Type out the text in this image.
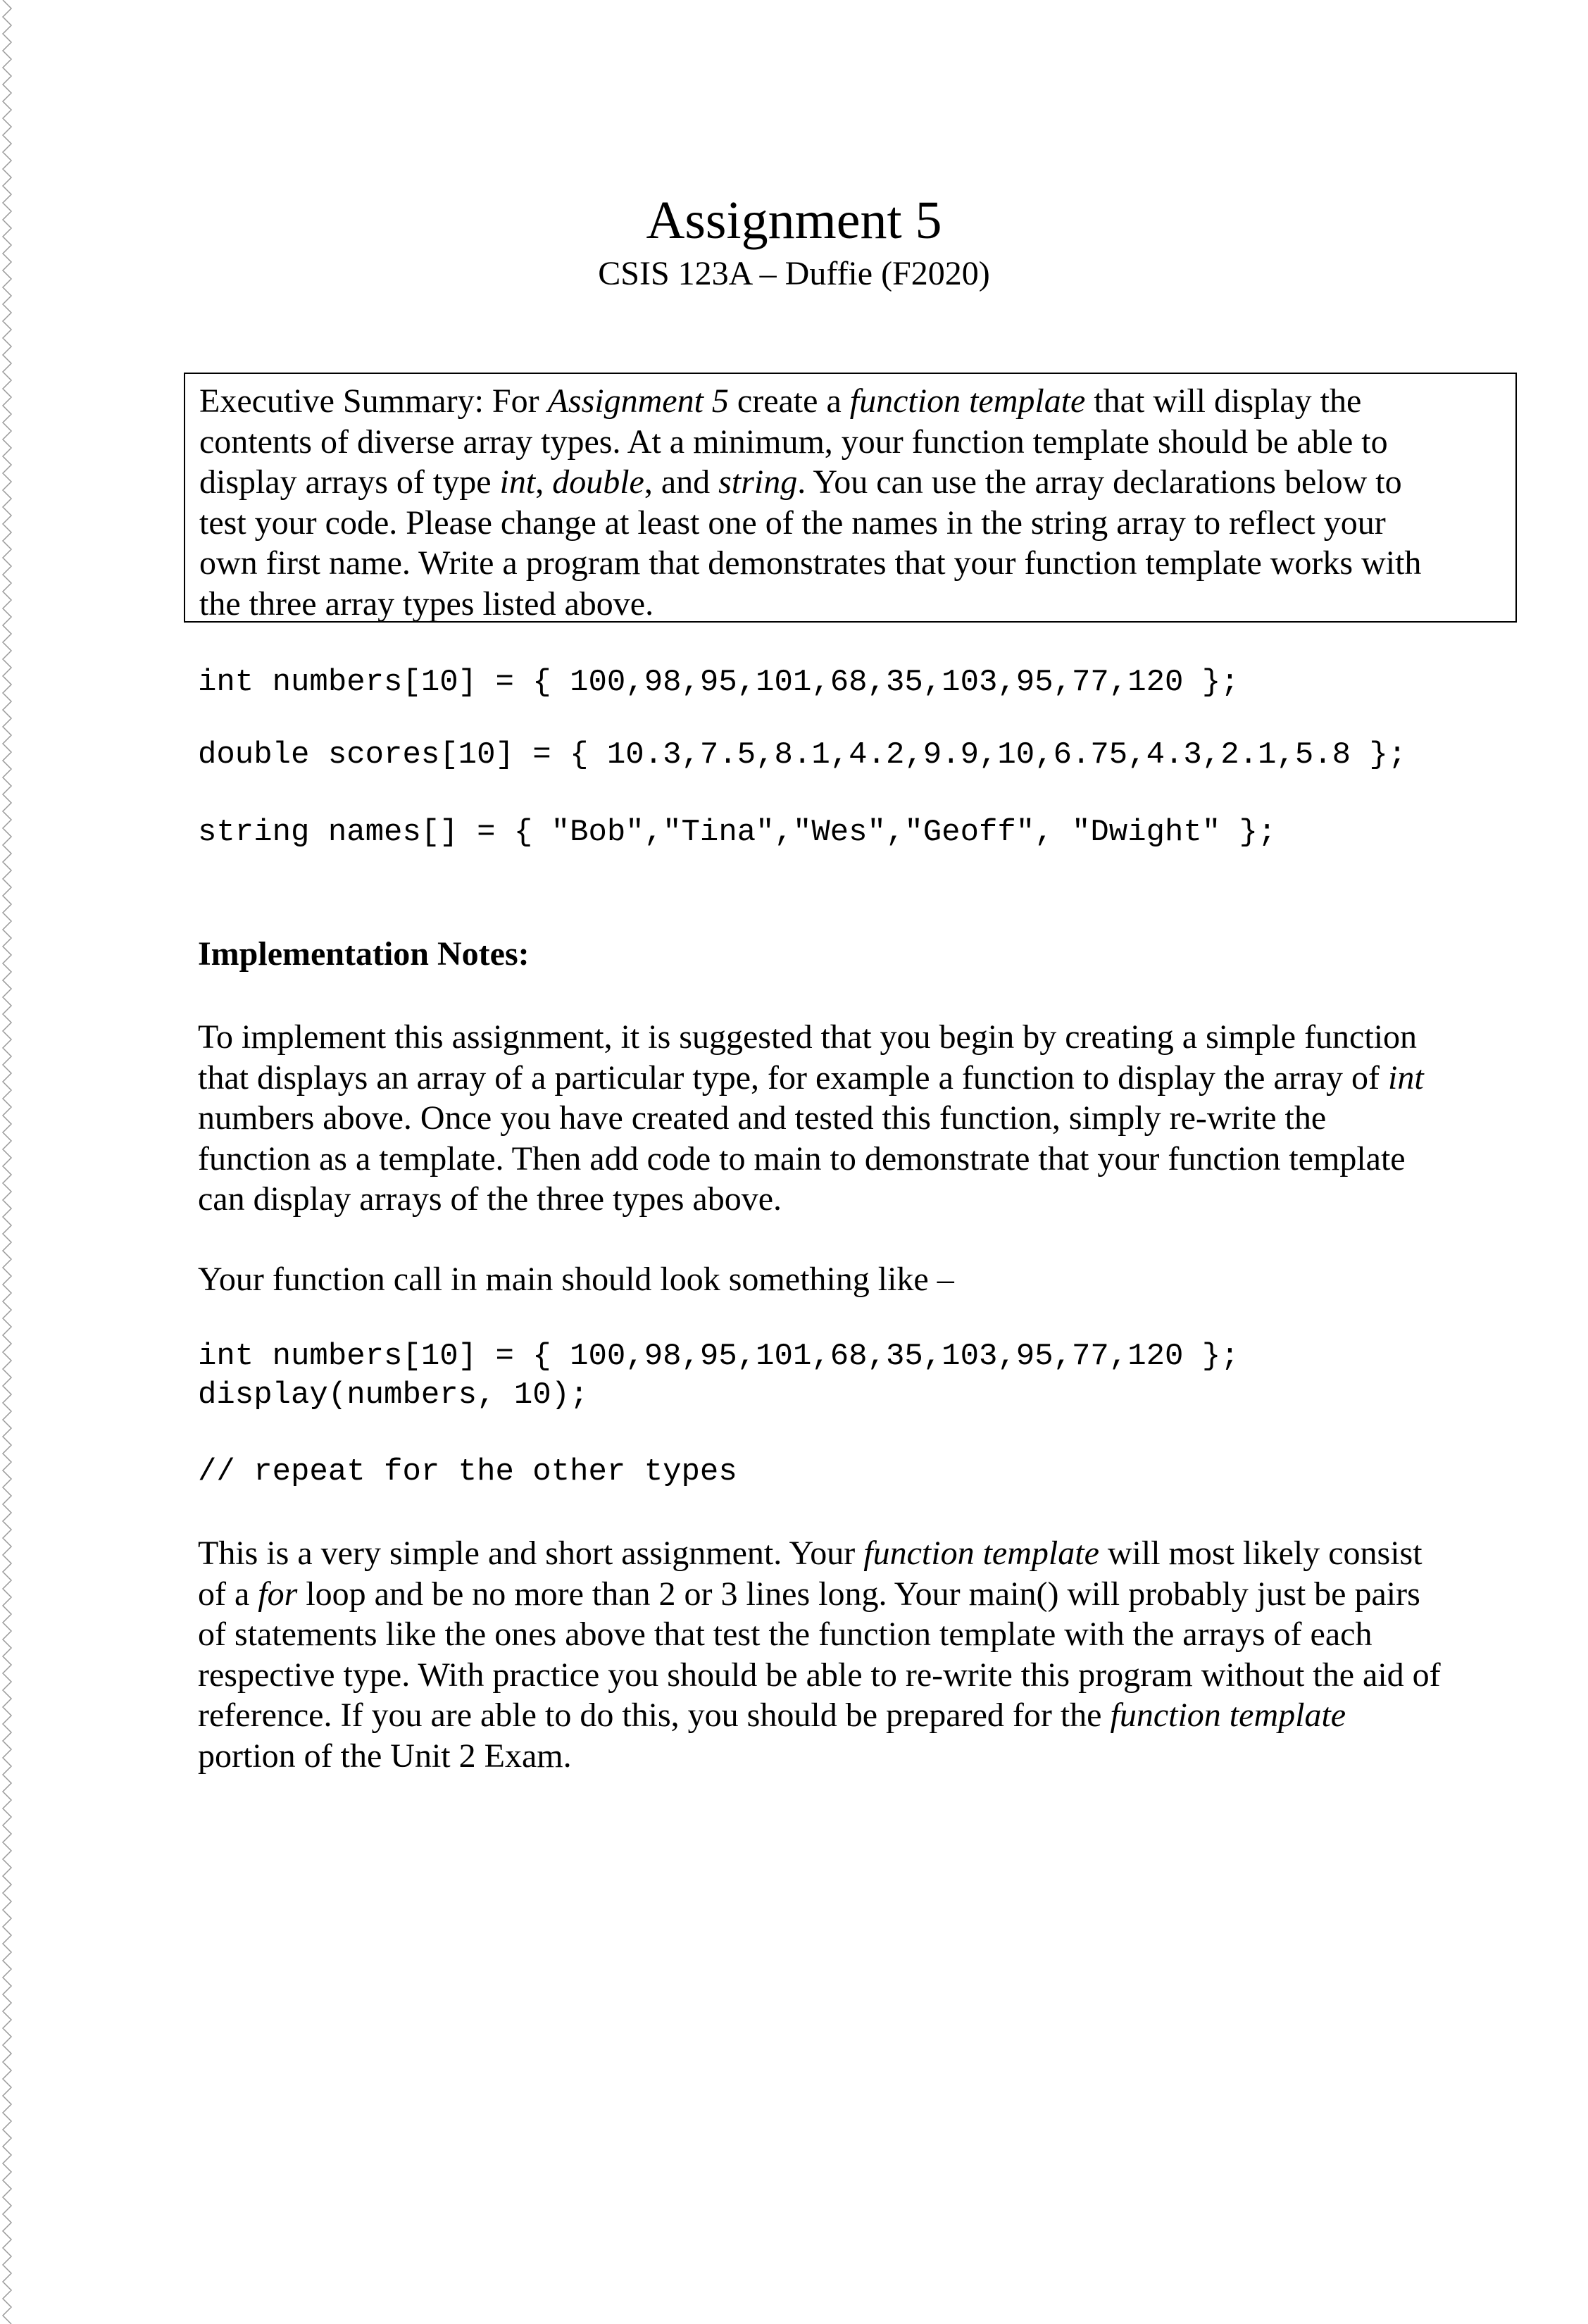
Assignment 5
CSIS 123A – Duffie (F2020)
Executive Summary: For Assignment 5 create a function template that will display the
contents of diverse array types. At a minimum, your function template should be able to
display arrays of type int, double, and string. You can use the array declarations below to
test your code. Please change at least one of the names in the string array to reflect your
own first name. Write a program that demonstrates that your function template works with
the three array types listed above.
int numbers[10] = { 100,98,95,101,68,35,103,95,77,120 };
double scores[10] = { 10.3,7.5,8.1,4.2,9.9,10,6.75,4.3,2.1,5.8 };
string names[] = { "Bob","Tina","Wes","Geoff", "Dwight" };
Implementation Notes:
To implement this assignment, it is suggested that you begin by creating a simple function
that displays an array of a particular type, for example a function to display the array of int
numbers above. Once you have created and tested this function, simply re-write the
function as a template. Then add code to main to demonstrate that your function template
can display arrays of the three types above.
Your function call in main should look something like –
int numbers[10] = { 100,98,95,101,68,35,103,95,77,120 };
display(numbers, 10);
// repeat for the other types
This is a very simple and short assignment. Your function template will most likely consist
of a for loop and be no more than 2 or 3 lines long. Your main() will probably just be pairs
of statements like the ones above that test the function template with the arrays of each
respective type. With practice you should be able to re-write this program without the aid of
reference. If you are able to do this, you should be prepared for the function template
portion of the Unit 2 Exam.
